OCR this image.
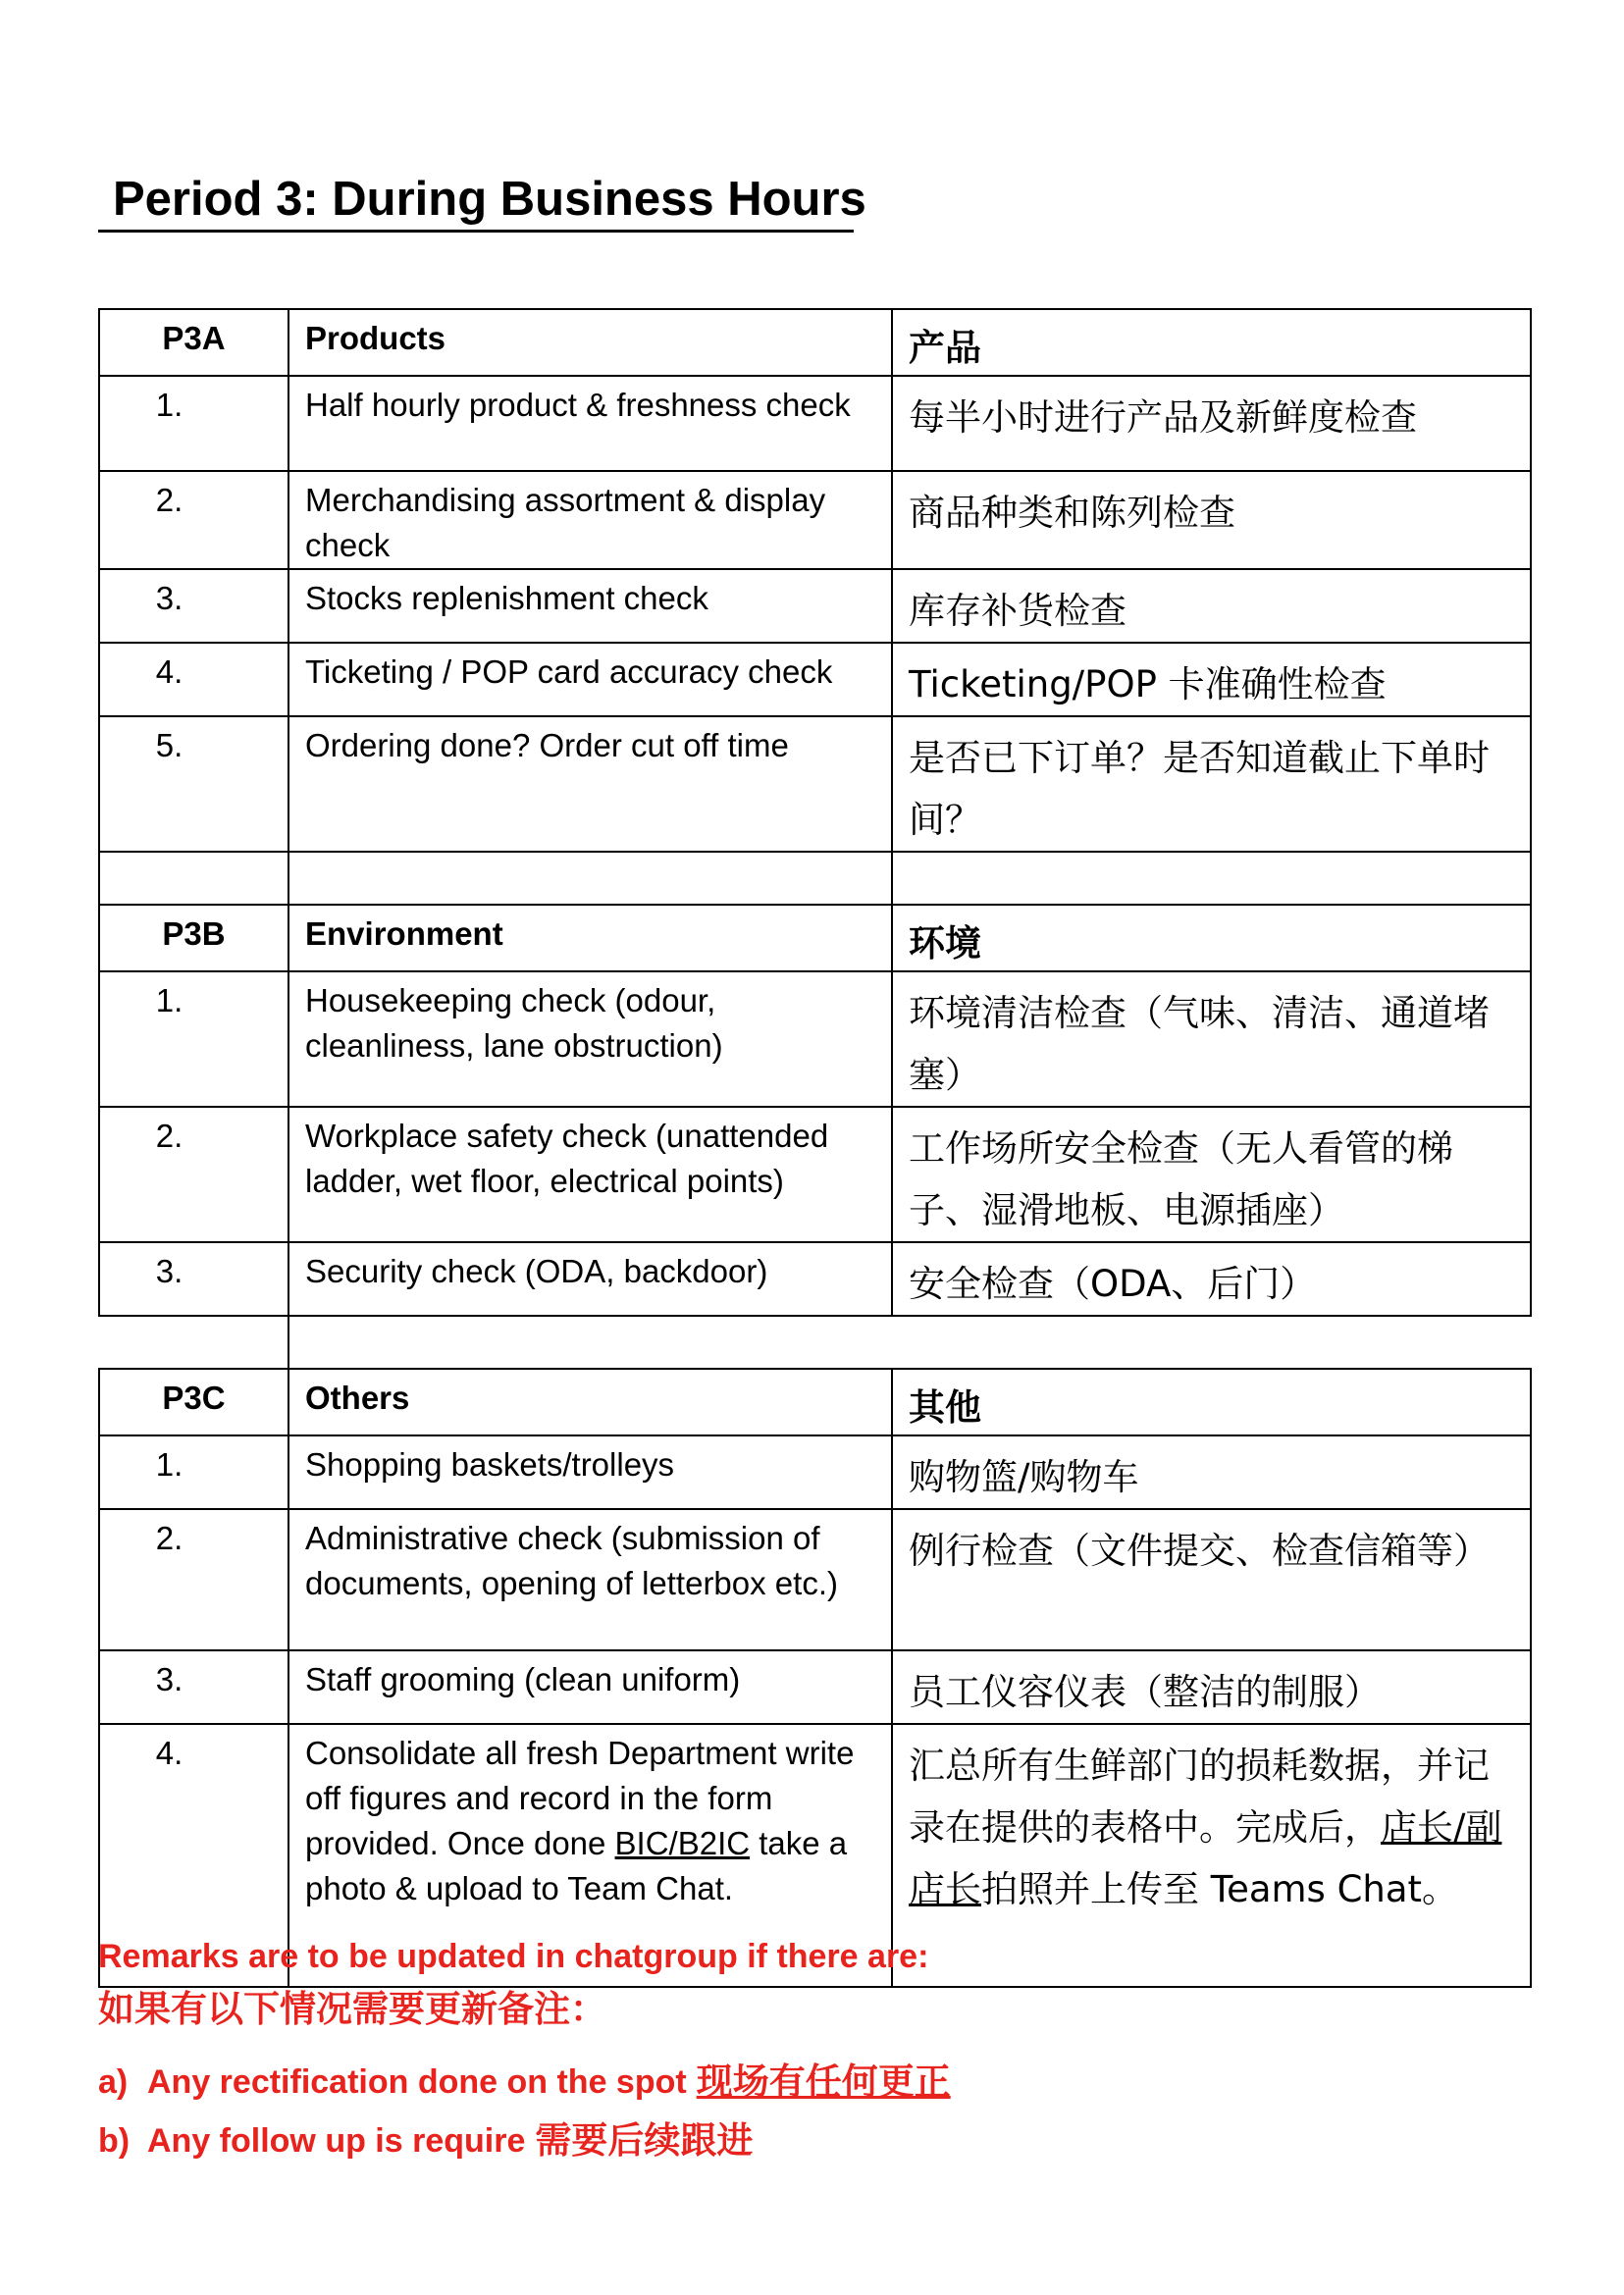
Period 3: During Business Hours
P3A	Products	产品
1.	Half hourly product & freshness check	每半小时进行产品及新鲜度检查
2.	Merchandising assortment & display check	商品种类和陈列检查
3.	Stocks replenishment check	库存补货检查
4.	Ticketing / POP card accuracy check	Ticketing/POP 卡准确性检查
5.	Ordering done? Order cut off time	是否已下订单？是否知道截止下单时间？

P3B	Environment	环境
1.	Housekeeping check (odour, cleanliness, lane obstruction)	环境清洁检查（气味、清洁、通道堵塞）
2.	Workplace safety check (unattended ladder, wet floor, electrical points)	工作场所安全检查（无人看管的梯子、湿滑地板、电源插座）
3.	Security check (ODA, backdoor)	安全检查（ODA、后门）

P3C	Others	其他
1.	Shopping baskets/trolleys	购物篮/购物车
2.	Administrative check (submission of documents, opening of letterbox etc.)	例行检查（文件提交、检查信箱等）
3.	Staff grooming (clean uniform)	员工仪容仪表（整洁的制服）
4.	Consolidate all fresh Department write off figures and record in the form provided. Once done BIC/B2IC take a photo & upload to Team Chat.	汇总所有生鲜部门的损耗数据，并记录在提供的表格中。完成后，店长/副店长拍照并上传至 Teams Chat。

Remarks are to be updated in chatgroup if there are:

如果有以下情况需要更新备注：

a) Any rectification done on the spot 现场有任何更正
b) Any follow up is require 需要后续跟进
